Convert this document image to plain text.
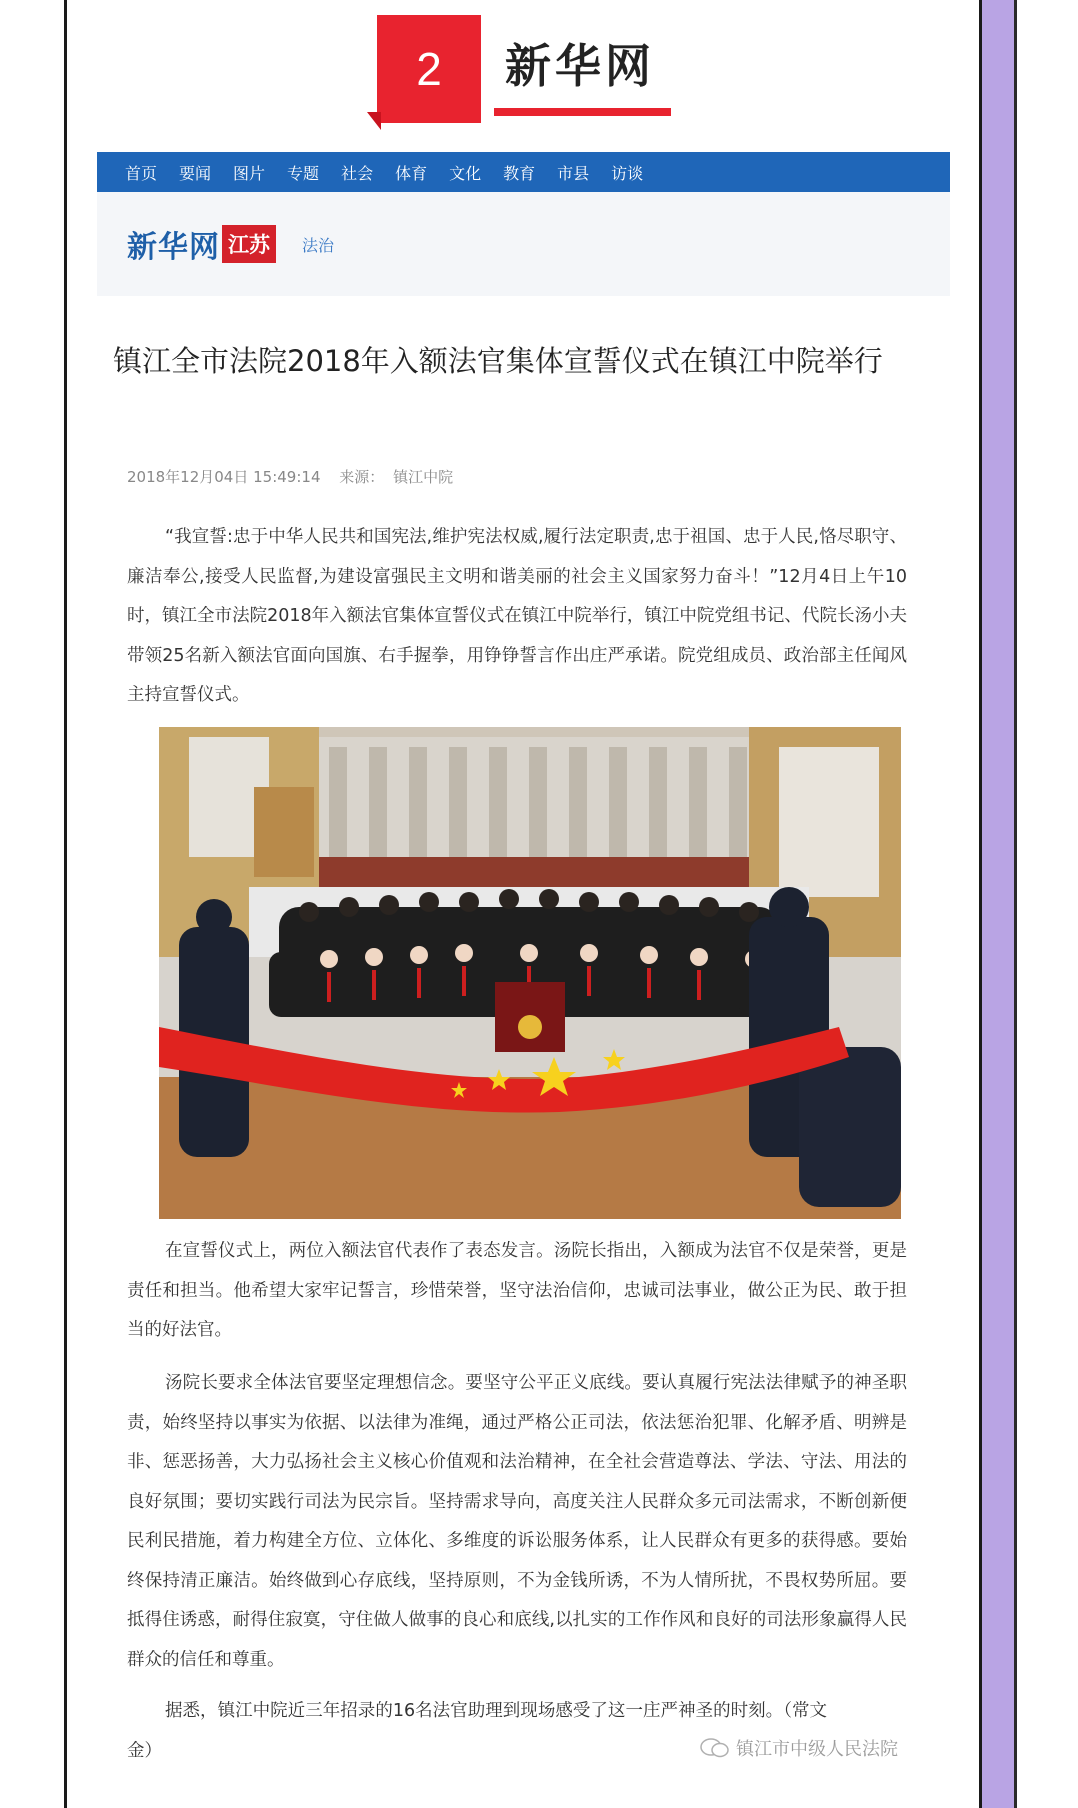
2 新华网
首页 要闻 图片 专题 社会 体育 文化 教育 市县 访谈
新华网 江苏	法治
镇江全市法院2018年入额法官集体宣誓仪式在镇江中院举行
2018年12月04日 15:49:14 来源： 镇江中院

“我宣誓:忠于中华人民共和国宪法,维护宪法权威,履行法定职责,忠于祖国、忠于人民,恪尽职守、廉洁奉公,接受人民监督,为建设富强民主文明和谐美丽的社会主义国家努力奋斗！”12月4日上午10时，镇江全市法院2018年入额法官集体宣誓仪式在镇江中院举行，镇江中院党组书记、代院长汤小夫带领25名新入额法官面向国旗、右手握拳，用铮铮誓言作出庄严承诺。院党组成员、政治部主任闻风主持宣誓仪式。

在宣誓仪式上，两位入额法官代表作了表态发言。汤院长指出，入额成为法官不仅是荣誉，更是责任和担当。他希望大家牢记誓言，珍惜荣誉，坚守法治信仰，忠诚司法事业，做公正为民、敢于担当的好法官。

汤院长要求全体法官要坚定理想信念。要坚守公平正义底线。要认真履行宪法法律赋予的神圣职责，始终坚持以事实为依据、以法律为准绳，通过严格公正司法，依法惩治犯罪、化解矛盾、明辨是非、惩恶扬善，大力弘扬社会主义核心价值观和法治精神，在全社会营造尊法、学法、守法、用法的良好氛围；要切实践行司法为民宗旨。坚持需求导向，高度关注人民群众多元司法需求，不断创新便民利民措施，着力构建全方位、立体化、多维度的诉讼服务体系，让人民群众有更多的获得感。要始终保持清正廉洁。始终做到心存底线，坚持原则，不为金钱所诱，不为人情所扰，不畏权势所屈。要抵得住诱惑，耐得住寂寞，守住做人做事的良心和底线,以扎实的工作作风和良好的司法形象赢得人民群众的信任和尊重。

据悉，镇江中院近三年招录的16名法官助理到现场感受了这一庄严神圣的时刻。（常文金）	镇江市中级人民法院
